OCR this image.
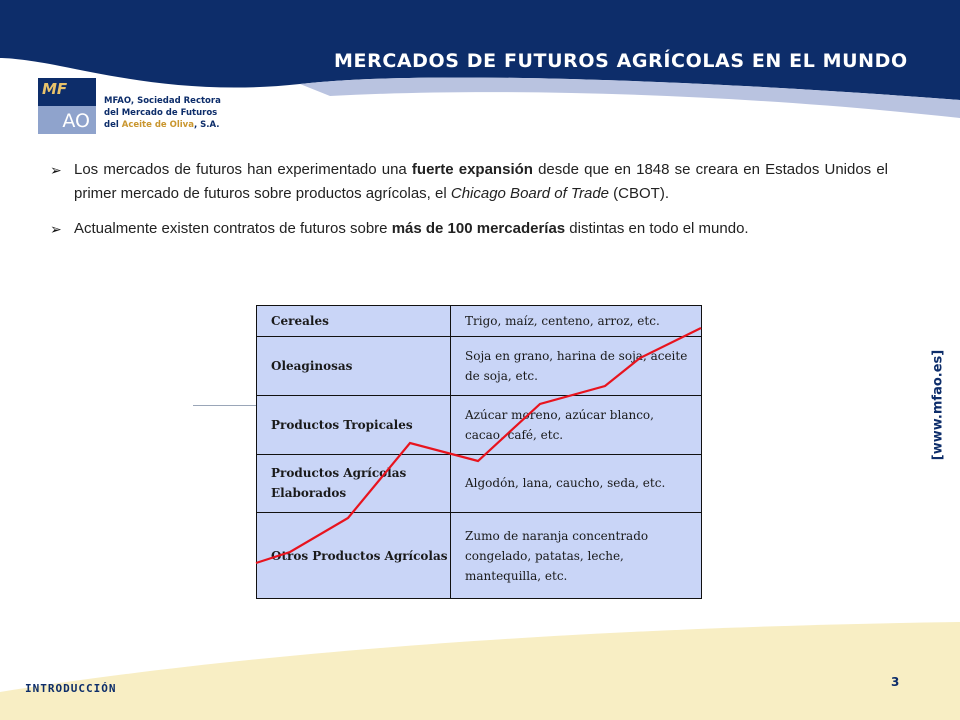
MERCADOS DE FUTUROS AGRÍCOLAS EN EL MUNDO
MF
AO
MFAO, Sociedad Rectora
del Mercado de Futuros
del Aceite de Oliva, S.A.
➢ Los mercados de futuros han experimentado una fuerte expansión desde que en 1848 se creara en Estados Unidos el primer mercado de futuros sobre productos agrícolas, el Chicago Board of Trade (CBOT).
➢ Actualmente existen contratos de futuros sobre más de 100 mercaderías distintas en todo el mundo.
Cereales	Trigo, maíz, centeno, arroz, etc.
Oleaginosas	Soja en grano, harina de soja, aceite de soja, etc.
Productos Tropicales	Azúcar moreno, azúcar blanco, cacao, café, etc.
Productos Agrícolas Elaborados	Algodón, lana, caucho, seda, etc.
Otros Productos Agrícolas	Zumo de naranja concentrado congelado, patatas, leche, mantequilla, etc.
[www.mfao.es]
INTRODUCCIÓN	3
